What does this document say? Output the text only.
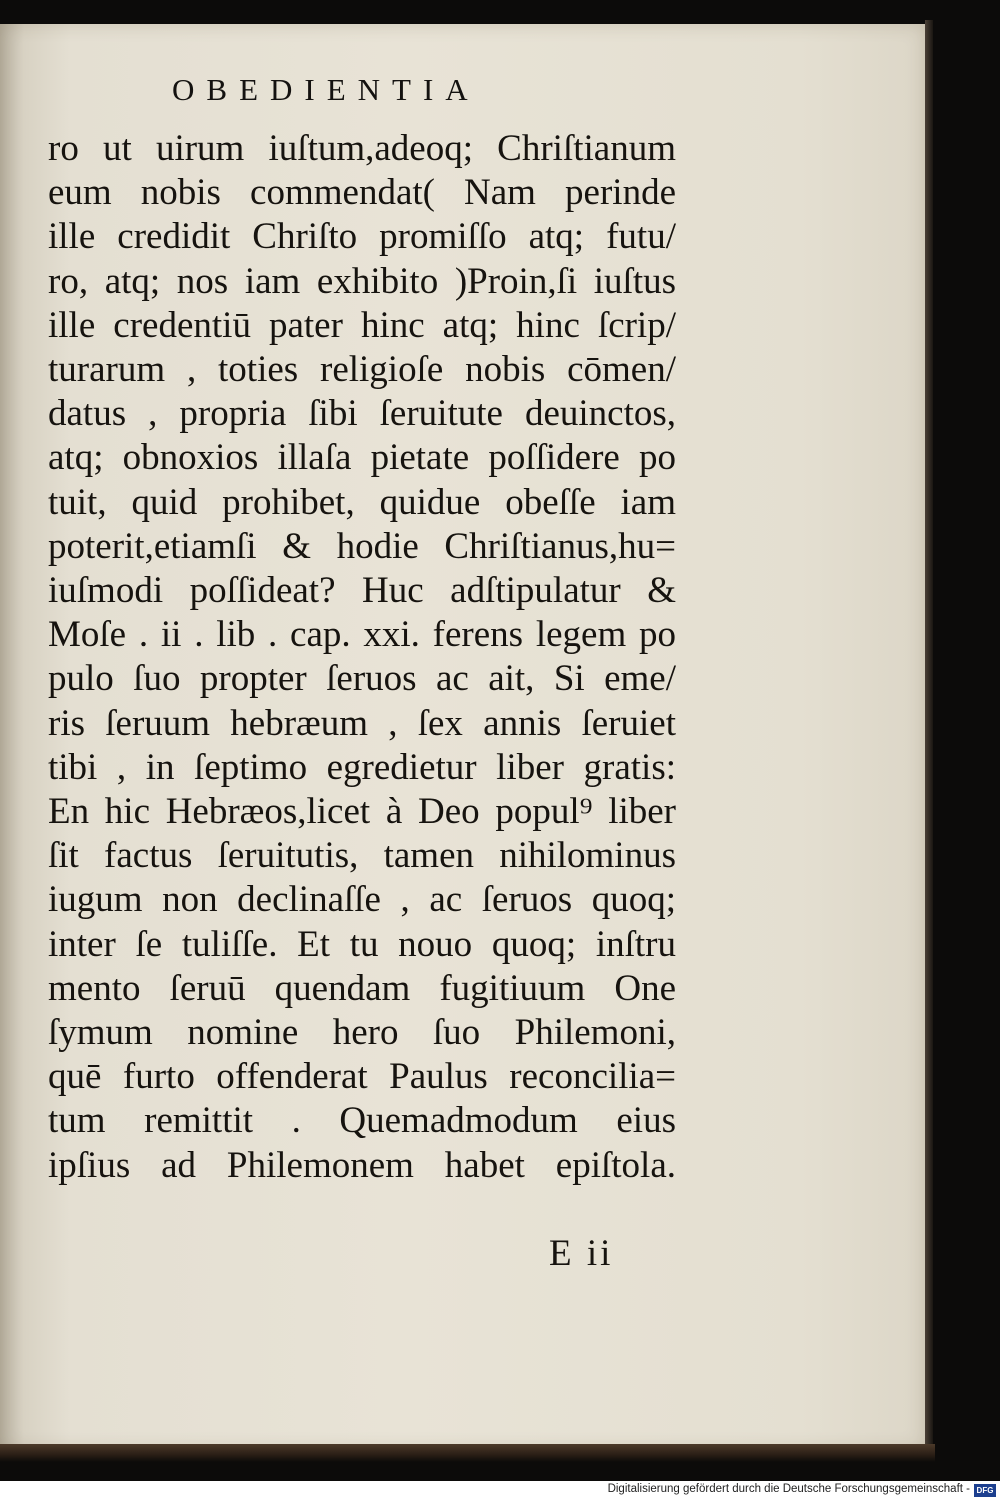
OBEDIENTIA
ro ut uirum iuſtum,adeoq; Chriſtianum
eum nobis commendat( Nam perinde
ille credidit Chriſto promiſſo atq; futu/
ro, atq; nos iam exhibito )Proin,ſi iuſtus
ille credentiū pater hinc atq; hinc ſcrip/
turarum , toties religioſe nobis cōmen/
datus , propria ſibi ſeruitute deuinctos,
atq; obnoxios illaſa pietate poſſidere po
tuit, quid prohibet, quidue obeſſe iam
poterit,etiamſi & hodie Chriſtianus,hu=
iuſmodi poſſideat? Huc adſtipulatur &
Moſe . ii . lib . cap. xxi. ferens legem po
pulo ſuo propter ſeruos ac ait, Si eme/
ris ſeruum hebræum , ſex annis ſeruiet
tibi , in ſeptimo egredietur liber gratis:
En hic Hebræos,licet à Deo popul⁹ liber
ſit factus ſeruitutis, tamen nihilominus
iugum non declinaſſe , ac ſeruos quoq;
inter ſe tuliſſe. Et tu nouo quoq; inſtru
mento ſeruū quendam fugitiuum One
ſymum nomine hero ſuo Philemoni,
quē furto offenderat Paulus reconcilia=
tum remittit . Quemadmodum eius
ipſius ad Philemonem habet epiſtola.
E ii
Digitalisierung gefördert durch die Deutsche Forschungsgemeinschaft - DFG
